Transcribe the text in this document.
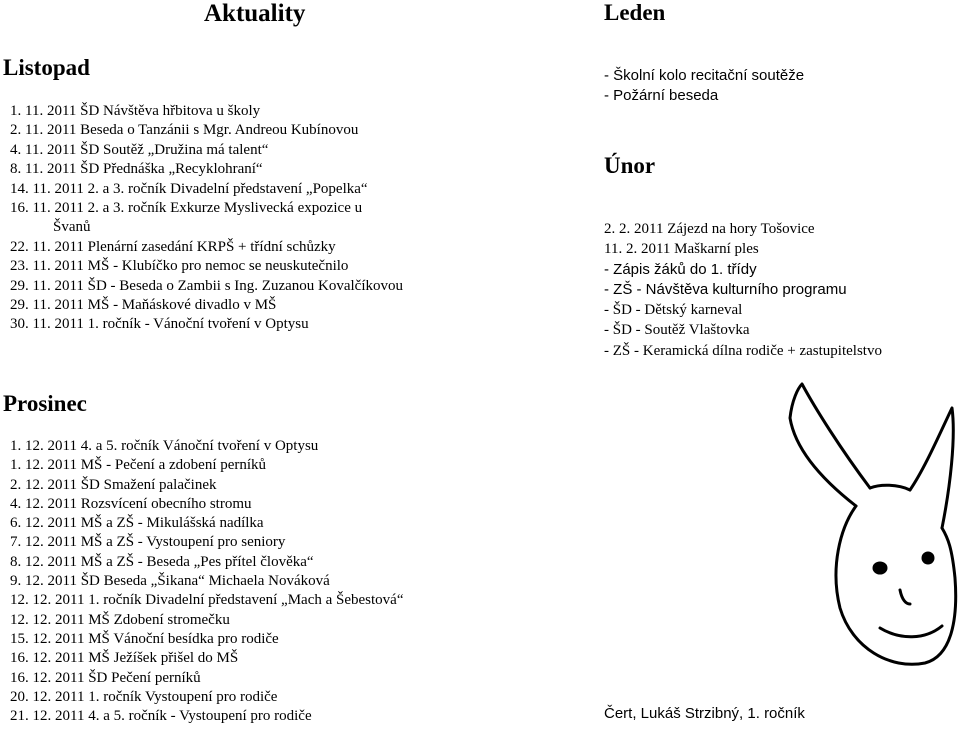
Aktuality
Listopad
1. 11. 2011 ŠD Návštěva hřbitova u školy
2. 11. 2011 Beseda o Tanzánii s Mgr. Andreou Kubínovou
4. 11. 2011 ŠD Soutěž „Družina má talent“
8. 11. 2011 ŠD Přednáška „Recyklohraní“
14. 11. 2011 2. a 3. ročník Divadelní představení „Popelka“
16. 11. 2011 2. a 3. ročník Exkurze Myslivecká expozice u
Švanů
22. 11. 2011 Plenární zasedání KRPŠ + třídní schůzky
23. 11. 2011 MŠ - Klubíčko pro nemoc se neuskutečnilo
29. 11. 2011 ŠD - Beseda o Zambii s Ing. Zuzanou Kovalčíkovou
29. 11. 2011 MŠ - Maňáskové divadlo v MŠ
30. 11. 2011 1. ročník - Vánoční tvoření v Optysu
Prosinec
1. 12. 2011 4. a 5. ročník Vánoční tvoření v Optysu
1. 12. 2011 MŠ - Pečení a zdobení perníků
2. 12. 2011 ŠD Smažení palačinek
4. 12. 2011 Rozsvícení obecního stromu
6. 12. 2011 MŠ a ZŠ - Mikulášská nadílka
7. 12. 2011 MŠ a ZŠ - Vystoupení pro seniory
8. 12. 2011 MŠ a ZŠ - Beseda „Pes přítel člověka“
9. 12. 2011 ŠD Beseda „Šikana“ Michaela Nováková
12. 12. 2011 1. ročník Divadelní představení „Mach a Šebestová“
12. 12. 2011 MŠ Zdobení stromečku
15. 12. 2011 MŠ Vánoční besídka pro rodiče
16. 12. 2011 MŠ Ježíšek přišel do MŠ
16. 12. 2011 ŠD Pečení perníků
20. 12. 2011 1. ročník Vystoupení pro rodiče
21. 12. 2011 4. a 5. ročník - Vystoupení pro rodiče
Leden
- Školní kolo recitační soutěže
- Požární beseda
Únor
2. 2. 2011 Zájezd na hory Tošovice
11. 2. 2011 Maškarní ples
- Zápis žáků do 1. třídy
- ZŠ - Návštěva kulturního programu
- ŠD - Dětský karneval
- ŠD - Soutěž Vlaštovka
- ZŠ - Keramická dílna rodiče + zastupitelstvo
Čert, Lukáš Strzibný, 1. ročník
